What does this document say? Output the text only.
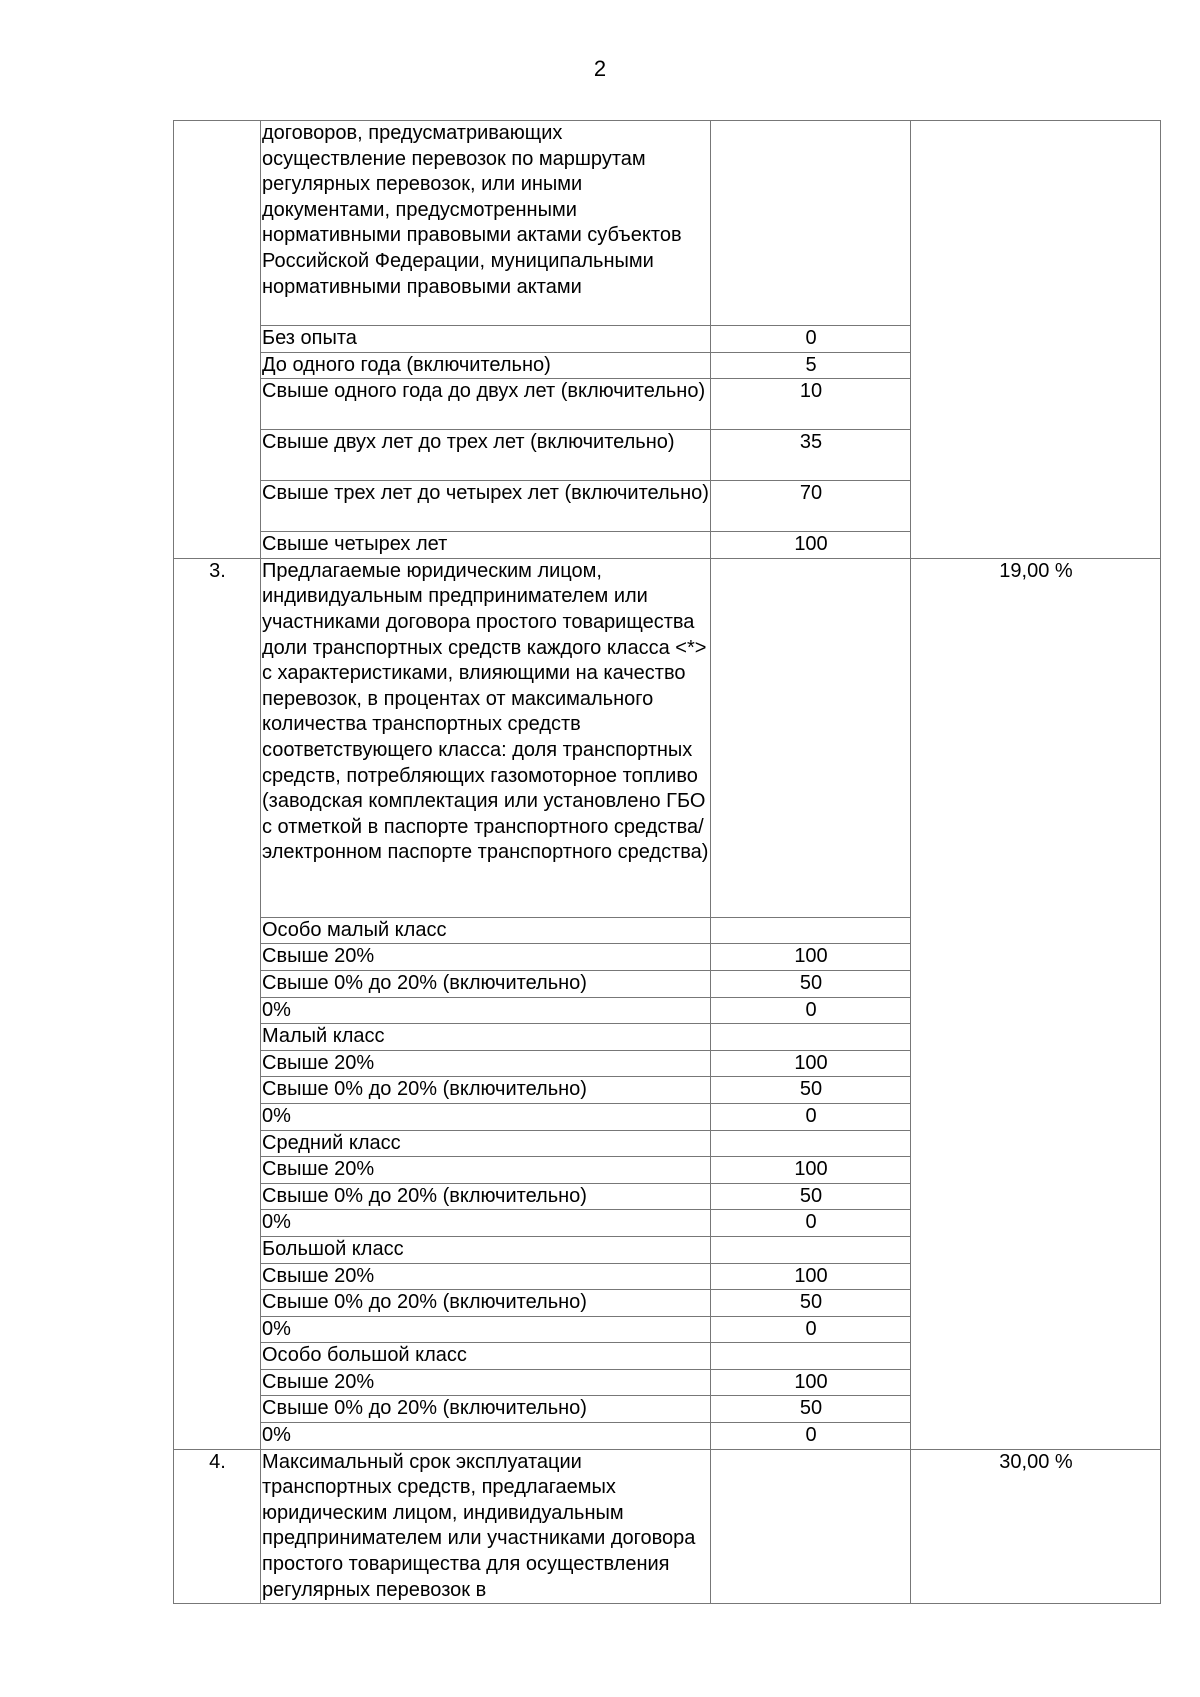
2
	договоров, предусматривающих осуществление перевозок по маршрутам регулярных перевозок, или иными документами, предусмотренными нормативными правовыми актами субъектов Российской Федерации, муниципальными нормативными правовыми актами		
	Без опыта	0	
	До одного года (включительно)	5	
	Свыше одного года до двух лет (включительно)	10	
	Свыше двух лет до трех лет (включительно)	35	
	Свыше трех лет до четырех лет (включительно)	70	
	Свыше четырех лет	100	
3.	Предлагаемые юридическим лицом, индивидуальным предпринимателем или участниками договора простого товарищества доли транспортных средств каждого класса <*> с характеристиками, влияющими на качество перевозок, в процентах от максимального количества транспортных средств соответствующего класса: доля транспортных средств, потребляющих газомоторное топливо (заводская комплектация или установлено ГБО с отметкой в паспорте транспортного средства/электронном паспорте транспортного средства)		19,00 %
	Особо малый класс		
	Свыше 20%	100	
	Свыше 0% до 20% (включительно)	50	
	0%	0	
	Малый класс		
	Свыше 20%	100	
	Свыше 0% до 20% (включительно)	50	
	0%	0	
	Средний класс		
	Свыше 20%	100	
	Свыше 0% до 20% (включительно)	50	
	0%	0	
	Большой класс		
	Свыше 20%	100	
	Свыше 0% до 20% (включительно)	50	
	0%	0	
	Особо большой класс		
	Свыше 20%	100	
	Свыше 0% до 20% (включительно)	50	
	0%	0	
4.	Максимальный срок эксплуатации транспортных средств, предлагаемых юридическим лицом, индивидуальным предпринимателем или участниками договора простого товарищества для осуществления регулярных перевозок в		30,00 %
